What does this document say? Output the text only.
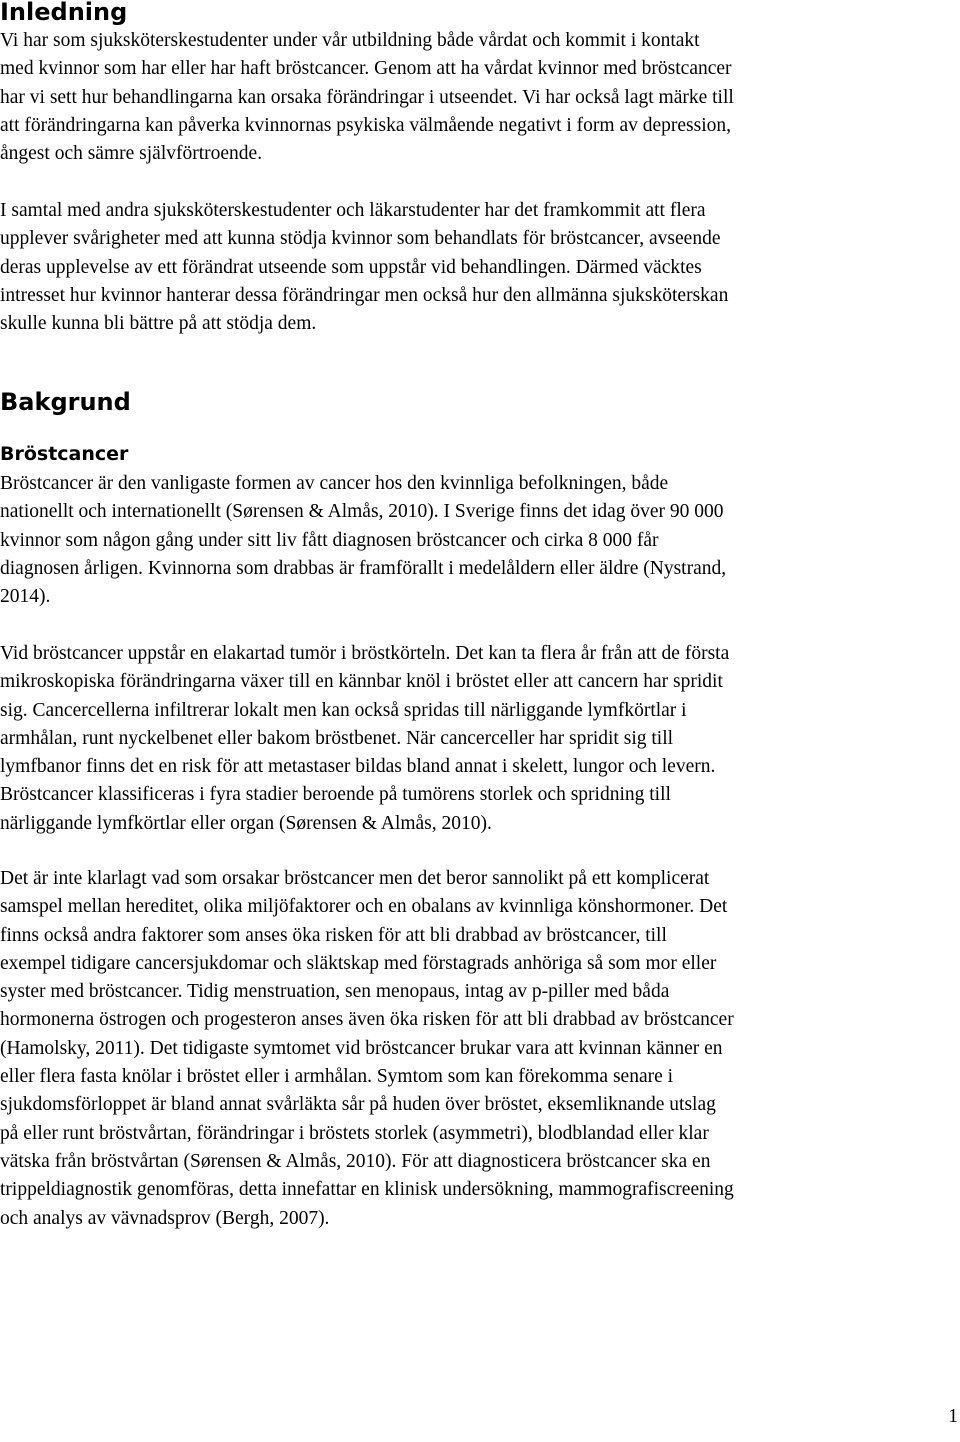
Inledning

Vi har som sjuksköterskestudenter under vår utbildning både vårdat och kommit i kontakt
med kvinnor som har eller har haft bröstcancer. Genom att ha vårdat kvinnor med bröstcancer
har vi sett hur behandlingarna kan orsaka förändringar i utseendet. Vi har också lagt märke till
att förändringarna kan påverka kvinnornas psykiska välmående negativt i form av depression,
ångest och sämre självförtroende.

I samtal med andra sjuksköterskestudenter och läkarstudenter har det framkommit att flera
upplever svårigheter med att kunna stödja kvinnor som behandlats för bröstcancer, avseende
deras upplevelse av ett förändrat utseende som uppstår vid behandlingen. Därmed väcktes
intresset hur kvinnor hanterar dessa förändringar men också hur den allmänna sjuksköterskan
skulle kunna bli bättre på att stödja dem.

Bakgrund
Bröstcancer

Bröstcancer är den vanligaste formen av cancer hos den kvinnliga befolkningen, både
nationellt och internationellt (Sørensen & Almås, 2010). I Sverige finns det idag över 90 000
kvinnor som någon gång under sitt liv fått diagnosen bröstcancer och cirka 8 000 får
diagnosen årligen. Kvinnorna som drabbas är framförallt i medelåldern eller äldre (Nystrand,
2014).

Vid bröstcancer uppstår en elakartad tumör i bröstkörteln. Det kan ta flera år från att de första
mikroskopiska förändringarna växer till en kännbar knöl i bröstet eller att cancern har spridit
sig. Cancercellerna infiltrerar lokalt men kan också spridas till närliggande lymfkörtlar i
armhålan, runt nyckelbenet eller bakom bröstbenet. När cancerceller har spridit sig till
lymfbanor finns det en risk för att metastaser bildas bland annat i skelett, lungor och levern.
Bröstcancer klassificeras i fyra stadier beroende på tumörens storlek och spridning till
närliggande lymfkörtlar eller organ (Sørensen & Almås, 2010).

Det är inte klarlagt vad som orsakar bröstcancer men det beror sannolikt på ett komplicerat
samspel mellan hereditet, olika miljöfaktorer och en obalans av kvinnliga könshormoner. Det
finns också andra faktorer som anses öka risken för att bli drabbad av bröstcancer, till
exempel tidigare cancersjukdomar och släktskap med förstagrads anhöriga så som mor eller
syster med bröstcancer. Tidig menstruation, sen menopaus, intag av p-piller med båda
hormonerna östrogen och progesteron anses även öka risken för att bli drabbad av bröstcancer
(Hamolsky, 2011). Det tidigaste symtomet vid bröstcancer brukar vara att kvinnan känner en
eller flera fasta knölar i bröstet eller i armhålan. Symtom som kan förekomma senare i
sjukdomsförloppet är bland annat svårläkta sår på huden över bröstet, eksemliknande utslag
på eller runt bröstvårtan, förändringar i bröstets storlek (asymmetri), blodblandad eller klar
vätska från bröstvårtan (Sørensen & Almås, 2010). För att diagnosticera bröstcancer ska en
trippeldiagnostik genomföras, detta innefattar en klinisk undersökning, mammografiscreening
och analys av vävnadsprov (Bergh, 2007).

1
